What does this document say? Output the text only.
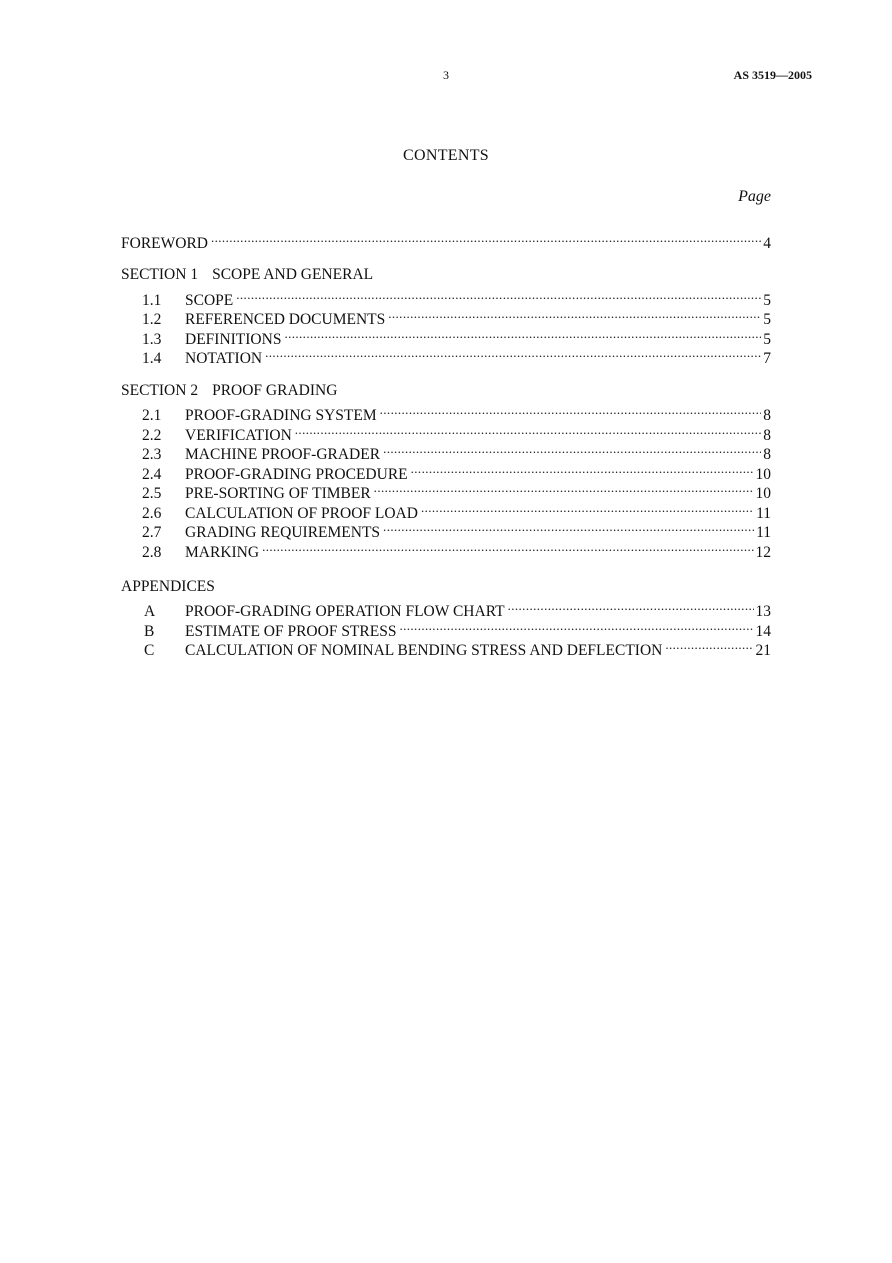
3	AS 3519—2005
CONTENTS
Page
FOREWORD .....	4
SECTION 1 SCOPE AND GENERAL
1.1	SCOPE .....	5
1.2	REFERENCED DOCUMENTS .....	5
1.3	DEFINITIONS .....	5
1.4	NOTATION .....	7
SECTION 2 PROOF GRADING
2.1	PROOF-GRADING SYSTEM .....	8
2.2	VERIFICATION .....	8
2.3	MACHINE PROOF-GRADER .....	8
2.4	PROOF-GRADING PROCEDURE .....	10
2.5	PRE-SORTING OF TIMBER .....	10
2.6	CALCULATION OF PROOF LOAD .....	11
2.7	GRADING REQUIREMENTS .....	11
2.8	MARKING .....	12
APPENDICES
A	PROOF-GRADING OPERATION FLOW CHART .....	13
B	ESTIMATE OF PROOF STRESS .....	14
C	CALCULATION OF NOMINAL BENDING STRESS AND DEFLECTION .....	21
